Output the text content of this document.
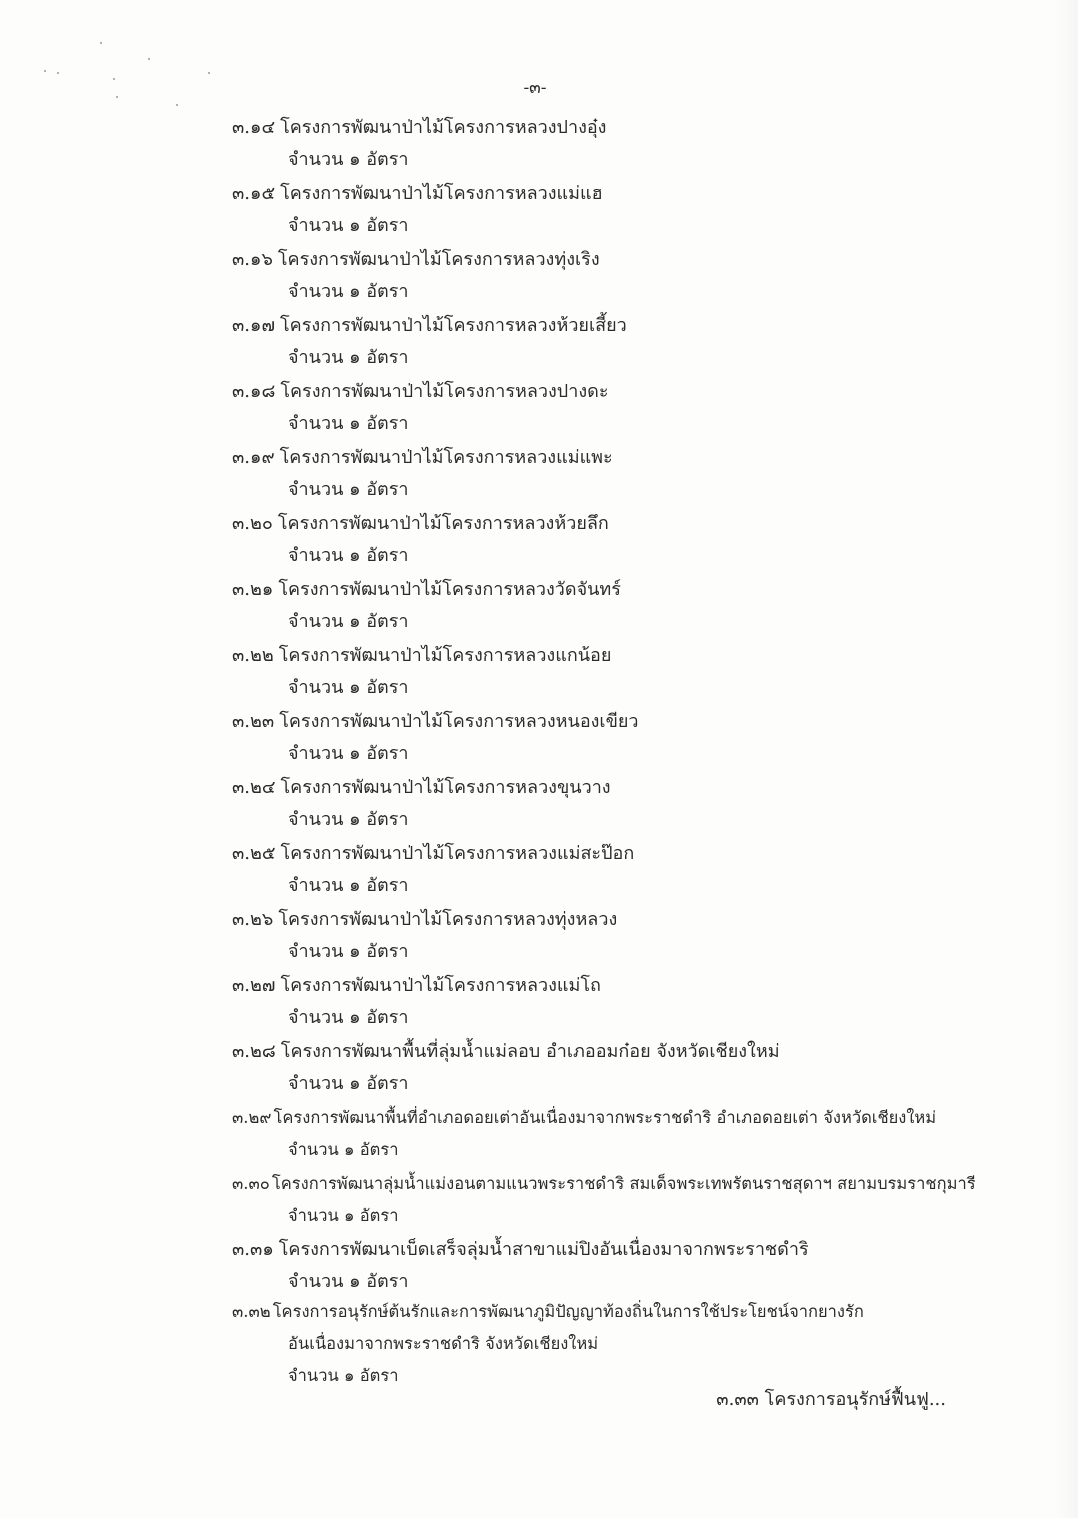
-๓-
๓.๑๔ โครงการพัฒนาป่าไม้โครงการหลวงปางอุ๋ง
จำนวน ๑ อัตรา
๓.๑๕ โครงการพัฒนาป่าไม้โครงการหลวงแม่แฮ
จำนวน ๑ อัตรา
๓.๑๖ โครงการพัฒนาป่าไม้โครงการหลวงทุ่งเริง
จำนวน ๑ อัตรา
๓.๑๗ โครงการพัฒนาป่าไม้โครงการหลวงห้วยเสี้ยว
จำนวน ๑ อัตรา
๓.๑๘ โครงการพัฒนาป่าไม้โครงการหลวงปางดะ
จำนวน ๑ อัตรา
๓.๑๙ โครงการพัฒนาป่าไม้โครงการหลวงแม่แพะ
จำนวน ๑ อัตรา
๓.๒๐ โครงการพัฒนาป่าไม้โครงการหลวงห้วยลึก
จำนวน ๑ อัตรา
๓.๒๑ โครงการพัฒนาป่าไม้โครงการหลวงวัดจันทร์
จำนวน ๑ อัตรา
๓.๒๒ โครงการพัฒนาป่าไม้โครงการหลวงแกน้อย
จำนวน ๑ อัตรา
๓.๒๓ โครงการพัฒนาป่าไม้โครงการหลวงหนองเขียว
จำนวน ๑ อัตรา
๓.๒๔ โครงการพัฒนาป่าไม้โครงการหลวงขุนวาง
จำนวน ๑ อัตรา
๓.๒๕ โครงการพัฒนาป่าไม้โครงการหลวงแม่สะป๊อก
จำนวน ๑ อัตรา
๓.๒๖ โครงการพัฒนาป่าไม้โครงการหลวงทุ่งหลวง
จำนวน ๑ อัตรา
๓.๒๗ โครงการพัฒนาป่าไม้โครงการหลวงแม่โถ
จำนวน ๑ อัตรา
๓.๒๘ โครงการพัฒนาพื้นที่ลุ่มน้ำแม่ลอบ อำเภออมก๋อย จังหวัดเชียงใหม่
จำนวน ๑ อัตรา
๓.๒๙ โครงการพัฒนาพื้นที่อำเภอดอยเต่าอันเนื่องมาจากพระราชดำริ อำเภอดอยเต่า จังหวัดเชียงใหม่
จำนวน ๑ อัตรา
๓.๓๐ โครงการพัฒนาลุ่มน้ำแม่งอนตามแนวพระราชดำริ สมเด็จพระเทพรัตนราชสุดาฯ สยามบรมราชกุมารี
จำนวน ๑ อัตรา
๓.๓๑ โครงการพัฒนาเบ็ดเสร็จลุ่มน้ำสาขาแม่ปิงอันเนื่องมาจากพระราชดำริ
จำนวน ๑ อัตรา
๓.๓๒ โครงการอนุรักษ์ต้นรักและการพัฒนาภูมิปัญญาท้องถิ่นในการใช้ประโยชน์จากยางรัก
อันเนื่องมาจากพระราชดำริ จังหวัดเชียงใหม่
จำนวน ๑ อัตรา
๓.๓๓ โครงการอนุรักษ์ฟื้นฟู...
